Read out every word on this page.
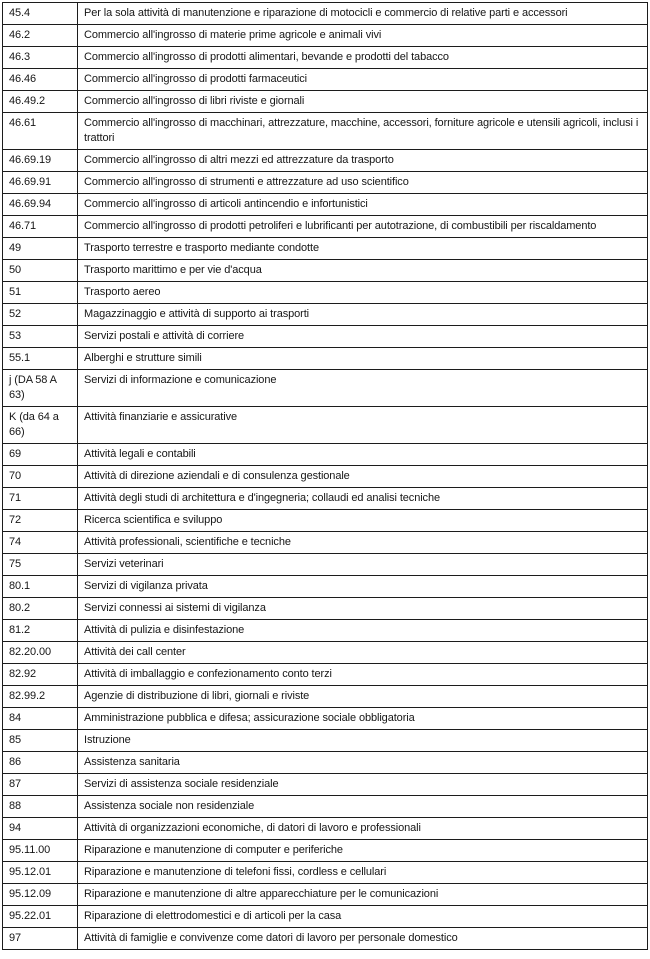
45.4	Per la sola attività di manutenzione e riparazione di motocicli e commercio di relative parti e accessori
46.2	Commercio all'ingrosso di materie prime agricole e animali vivi
46.3	Commercio all'ingrosso di prodotti alimentari, bevande e prodotti del tabacco
46.46	Commercio all'ingrosso di prodotti farmaceutici
46.49.2	Commercio all'ingrosso di libri riviste e giornali
46.61	Commercio all'ingrosso di macchinari, attrezzature, macchine, accessori, forniture agricole e utensili agricoli, inclusi i trattori
46.69.19	Commercio all'ingrosso di altri mezzi ed attrezzature da trasporto
46.69.91	Commercio all'ingrosso di strumenti e attrezzature ad uso scientifico
46.69.94	Commercio all'ingrosso di articoli antincendio e infortunistici
46.71	Commercio all'ingrosso di prodotti petroliferi e lubrificanti per autotrazione, di combustibili per riscaldamento
49	Trasporto terrestre e trasporto mediante condotte
50	Trasporto marittimo e per vie d'acqua
51	Trasporto aereo
52	Magazzinaggio e attività di supporto ai trasporti
53	Servizi postali e attività di corriere
55.1	Alberghi e strutture simili
j (DA 58 A 63)	Servizi di informazione e comunicazione
K (da 64 a 66)	Attività finanziarie e assicurative
69	Attività legali e contabili
70	Attività di direzione aziendali e di consulenza gestionale
71	Attività degli studi di architettura e d'ingegneria; collaudi ed analisi tecniche
72	Ricerca scientifica e sviluppo
74	Attività professionali, scientifiche e tecniche
75	Servizi veterinari
80.1	Servizi di vigilanza privata
80.2	Servizi connessi ai sistemi di vigilanza
81.2	Attività di pulizia e disinfestazione
82.20.00	Attività dei call center
82.92	Attività di imballaggio e confezionamento conto terzi
82.99.2	Agenzie di distribuzione di libri, giornali e riviste
84	Amministrazione pubblica e difesa; assicurazione sociale obbligatoria
85	Istruzione
86	Assistenza sanitaria
87	Servizi di assistenza sociale residenziale
88	Assistenza sociale non residenziale
94	Attività di organizzazioni economiche, di datori di lavoro e professionali
95.11.00	Riparazione e manutenzione di computer e periferiche
95.12.01	Riparazione e manutenzione di telefoni fissi, cordless e cellulari
95.12.09	Riparazione e manutenzione di altre apparecchiature per le comunicazioni
95.22.01	Riparazione di elettrodomestici e di articoli per la casa
97	Attività di famiglie e convivenze come datori di lavoro per personale domestico
